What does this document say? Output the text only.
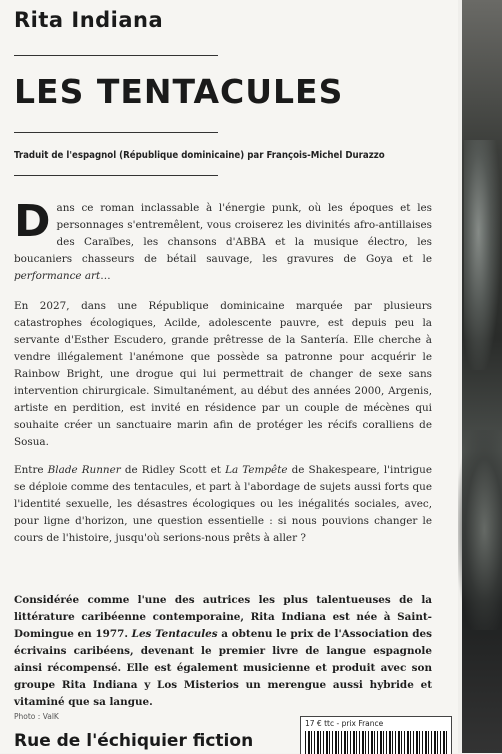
Rita Indiana
LES TENTACULES
Traduit de l'espagnol (République dominicaine) par François-Michel Durazzo
Dans ce roman inclassable à l'énergie punk, où les époques et les personnages s'entremêlent, vous croiserez les divinités afro-antillaises des Caraïbes, les chansons d'ABBA et la musique électro, les boucaniers chasseurs de bétail sauvage, les gravures de Goya et le performance art…
En 2027, dans une République dominicaine marquée par plusieurs catastrophes écologiques, Acilde, adolescente pauvre, est depuis peu la servante d'Esther Escudero, grande prêtresse de la Santería. Elle cherche à vendre illégalement l'anémone que possède sa patronne pour acquérir le Rainbow Bright, une drogue qui lui permettrait de changer de sexe sans intervention chirurgicale. Simultanément, au début des années 2000, Argenis, artiste en perdition, est invité en résidence par un couple de mécènes qui souhaite créer un sanctuaire marin afin de protéger les récifs coralliens de Sosua.
Entre Blade Runner de Ridley Scott et La Tempête de Shakespeare, l'intrigue se déploie comme des tentacules, et part à l'abordage de sujets aussi forts que l'identité sexuelle, les désastres écologiques ou les inégalités sociales, avec, pour ligne d'horizon, une question essentielle : si nous pouvions changer le cours de l'histoire, jusqu'où serions-nous prêts à aller ?
Considérée comme l'une des autrices les plus talentueuses de la littérature caribéenne contemporaine, Rita Indiana est née à Saint-Domingue en 1977. Les Tentacules a obtenu le prix de l'Association des écrivains caribéens, devenant le premier livre de langue espagnole ainsi récompensé. Elle est également musicienne et produit avec son groupe Rita Indiana y Los Misterios un merengue aussi hybride et vitaminé que sa langue.
Photo : ValK
Rue de l'échiquier fiction
17 € ttc - prix France
